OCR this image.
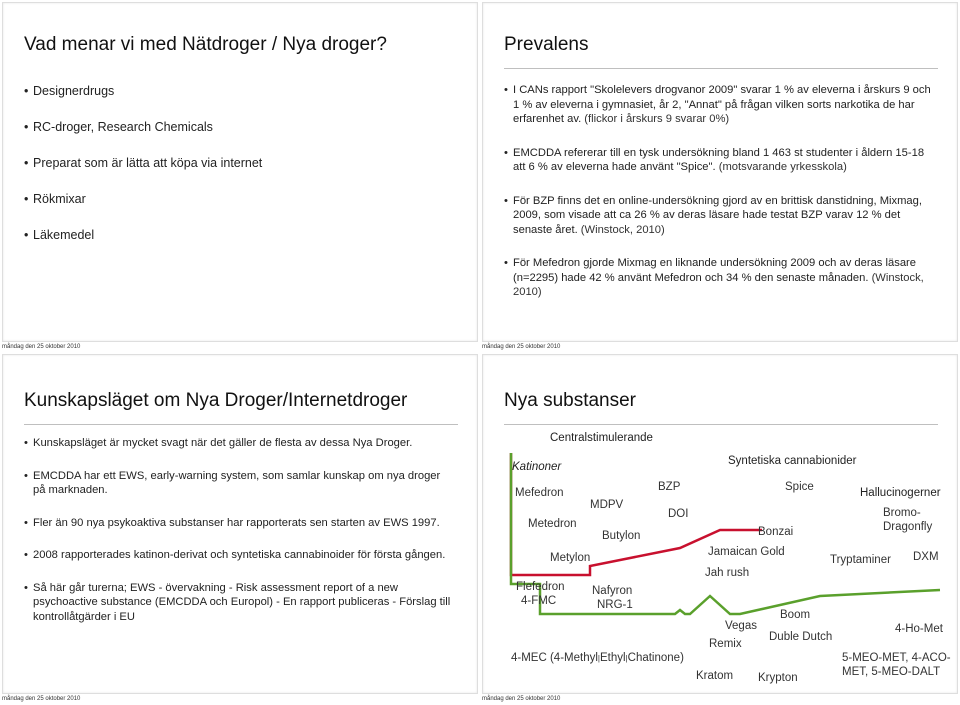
Vad menar vi med Nätdroger / Nya droger?
• Designerdrugs
• RC-droger, Research Chemicals
• Preparat som är lätta att köpa via internet
• Rökmixar
• Läkemedel
måndag den 25 oktober 2010
Prevalens
• I CANs rapport "Skolelevers drogvanor 2009" svarar 1 % av eleverna i årskurs 9 och 1 % av eleverna i gymnasiet, år 2, "Annat" på frågan vilken sorts narkotika de har erfarenhet av. (flickor i årskurs 9 svarar 0%)
• EMCDDA refererar till en tysk undersökning bland 1 463 st studenter i åldern 15-18 att 6 % av eleverna hade använt "Spice". (motsvarande yrkesskola)
• För BZP finns det en online-undersökning gjord av en brittisk danstidning, Mixmag, 2009, som visade att ca 26 % av deras läsare hade testat BZP varav 12 % det senaste året. (Winstock, 2010)
• För Mefedron gjorde Mixmag en liknande undersökning 2009 och av deras läsare (n=2295) hade 42 % använt Mefedron och 34 % den senaste månaden. (Winstock, 2010)
måndag den 25 oktober 2010
Kunskapsläget om Nya Droger/Internetdroger
• Kunskapsläget är mycket svagt när det gäller de flesta av dessa Nya Droger.
• EMCDDA har ett EWS, early-warning system, som samlar kunskap om nya droger på marknaden.
• Fler än 90 nya psykoaktiva substanser har rapporterats sen starten av EWS 1997.
• 2008 rapporterades katinon-derivat och syntetiska cannabinoider för första gången.
• Så här går turerna; EWS - övervakning - Risk assessment report of a new psychoactive substance (EMCDDA och Europol) - En rapport publiceras - Förslag till kontrollåtgärder i EU
måndag den 25 oktober 2010
Nya substanser
Centralstimulerande
Katinoner	Syntetiska cannabionider
Hallucinogerner
Mefedron
MDPV
BZP
DOI
Spice
Bromo-
Dragonfly
Metedron
Butylon	Bonzai
Metylon	Jamaican Gold
Tryptaminer DXM
Jah rush
Flefedron
4-FMC
Nafyron
NRG-1
Boom
Vegas	4-Ho-Met
Duble Dutch
Remix
4-MEC (4-Methyl|Ethyl|Chatinone)	5-MEO-MET, 4-ACO-
MET, 5-MEO-DALT
Kratom Krypton
måndag den 25 oktober 2010
